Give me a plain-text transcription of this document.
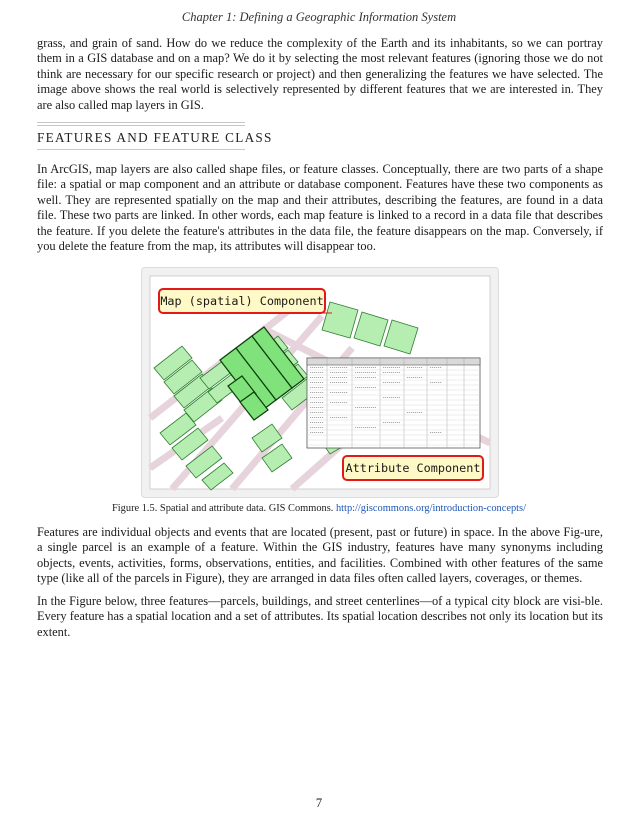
Chapter 1: Defining a Geographic Information System

grass, and grain of sand. How do we reduce the complexity of the Earth and its inhabitants, so we can portray them in a GIS database and on a map? We do it by selecting the most relevant features (ignoring those we do not think are necessary for our specific research or project) and then generalizing the features we have selected. The image above shows the real world is selectively represented by different features that we are interested in. They are also called map layers in GIS.

FEATURES AND FEATURE CLASS

In ArcGIS, map layers are also called shape files, or feature classes. Conceptually, there are two parts of a shape file: a spatial or map component and an attribute or database component. Features have these two components as well. They are represented spatially on the map and their attributes, describing the features, are found in a data file. These two parts are linked. In other words, each map feature is linked to a record in a data file that describes the feature. If you delete the feature's attributes in the data file, the feature disappears on the map. Conversely, if you delete the feature from the map, its attributes will disappear too.

Map (spatial) Component
Attribute Component
Figure 1.5. Spatial and attribute data. GIS Commons. http://giscommons.org/introduction-concepts/

Features are individual objects and events that are located (present, past or future) in space. In the above Fig-ure, a single parcel is an example of a feature. Within the GIS industry, features have many synonyms including objects, events, activities, forms, observations, entities, and facilities. Combined with other features of the same type (like all of the parcels in Figure), they are arranged in data files often called layers, coverages, or themes.

In the Figure below, three features—parcels, buildings, and street centerlines—of a typical city block are visi-ble. Every feature has a spatial location and a set of attributes. Its spatial location describes not only its location but its extent.

7
